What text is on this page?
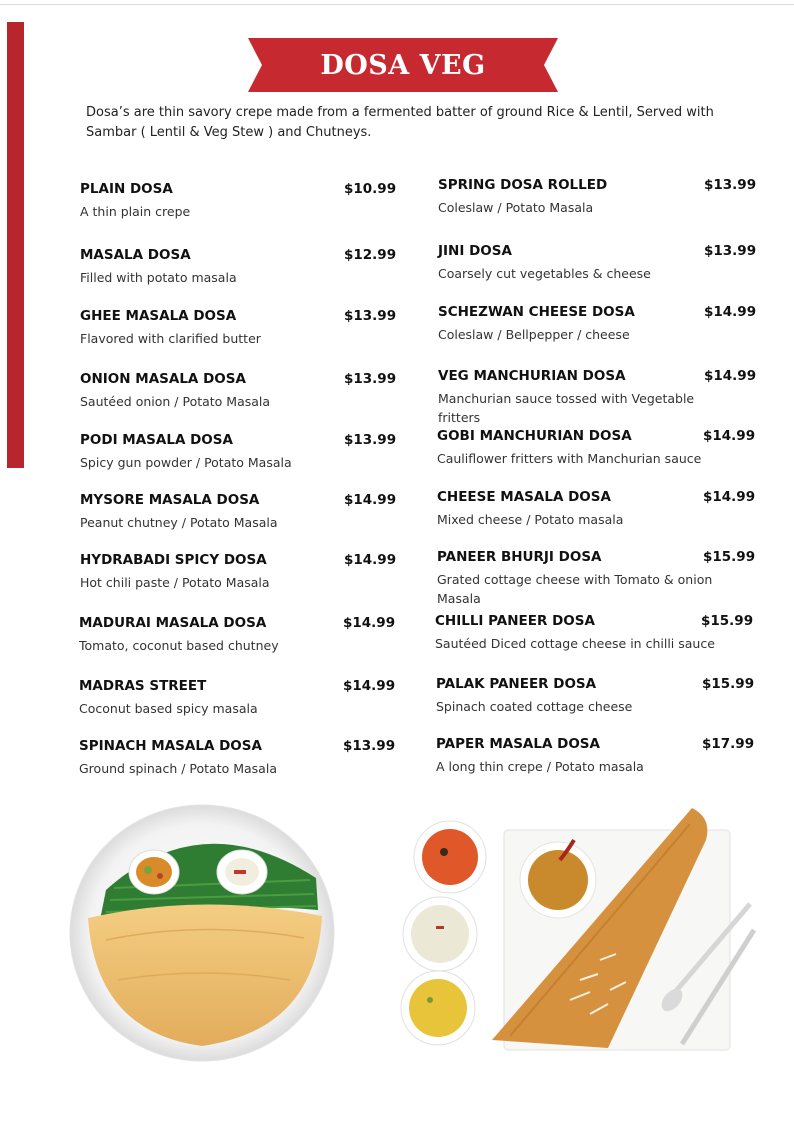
DOSA VEG
Dosa’s are thin savory crepe made from a fermented batter of ground Rice & Lentil, Served with Sambar ( Lentil & Veg Stew ) and Chutneys.
PLAIN DOSA	$10.99
A thin plain crepe
MASALA DOSA	$12.99
Filled with potato masala
GHEE MASALA DOSA	$13.99
Flavored with clarified butter
ONION MASALA DOSA	$13.99
Sautéed onion / Potato Masala
PODI MASALA DOSA	$13.99
Spicy gun powder / Potato Masala
MYSORE MASALA DOSA	$14.99
Peanut chutney / Potato Masala
HYDRABADI SPICY DOSA	$14.99
Hot chili paste / Potato Masala
MADURAI MASALA DOSA	$14.99
Tomato, coconut based chutney
MADRAS STREET	$14.99
Coconut based spicy masala
SPINACH MASALA DOSA	$13.99
Ground spinach / Potato Masala
SPRING DOSA ROLLED	$13.99
Coleslaw / Potato Masala
JINI DOSA	$13.99
Coarsely cut vegetables & cheese
SCHEZWAN CHEESE DOSA	$14.99
Coleslaw / Bellpepper / cheese
VEG MANCHURIAN DOSA	$14.99
Manchurian sauce tossed with Vegetable fritters
GOBI MANCHURIAN DOSA	$14.99
Cauliflower fritters with Manchurian sauce
CHEESE MASALA DOSA	$14.99
Mixed cheese / Potato masala
PANEER BHURJI DOSA	$15.99
Grated cottage cheese with Tomato & onion Masala
CHILLI PANEER DOSA	$15.99
Sautéed Diced cottage cheese in chilli sauce
PALAK PANEER DOSA	$15.99
Spinach coated cottage cheese
PAPER MASALA DOSA	$17.99
A long thin crepe / Potato masala
